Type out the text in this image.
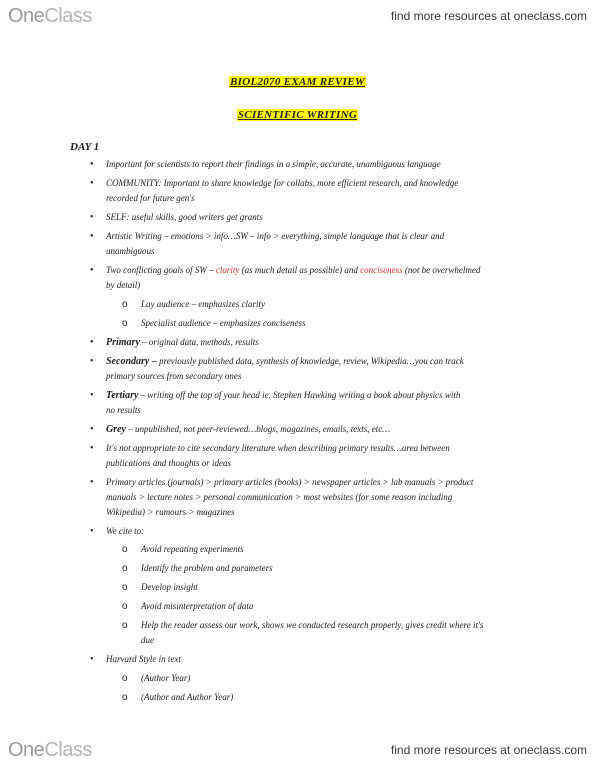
OneClass	find more resources at oneclass.com
BIOL2070 EXAM REVIEW
SCIENTIFIC WRITING
DAY 1
• Important for scientists to report their findings in a simple, accurate, unambiguous language
• COMMUNITY: Important to share knowledge for collabs, more efficient research, and knowledge
recorded for future gen's
• SELF: useful skills, good writers get grants
• Artistic Writing – emotions > info…SW – info > everything, simple language that is clear and
unambiguous
• Two conflicting goals of SW – clarity (as much detail as possible) and conciseness (not be overwhelmed
by detail)
o Lay audience – emphasizes clarity
o Specialist audience – emphasizes conciseness
• Primary – original data, methods, results
• Secondary – previously published data, synthesis of knowledge, review, Wikipedia…you can track
primary sources from secondary ones
• Tertiary – writing off the top of your head ie. Stephen Hawking writing a book about physics with
no results
• Grey – unpublished, not peer-reviewed…blogs, magazines, emails, texts, etc…
• It's not appropriate to cite secondary literature when describing primary results…area between
publications and thoughts or ideas
• Primary articles (journals) > primary articles (books) > newspaper articles > lab manuals > product
manuals > lecture notes > personal communication > most websites (for some reason including
Wikipedia) > rumours > magazines
• We cite to:
o Avoid repeating experiments
o Identify the problem and parameters
o Develop insight
o Avoid misinterpretation of data
o Help the reader assess our work, shows we conducted research properly, gives credit where it's
due
• Harvard Style in text
o (Author Year)
o (Author and Author Year)
OneClass	find more resources at oneclass.com
